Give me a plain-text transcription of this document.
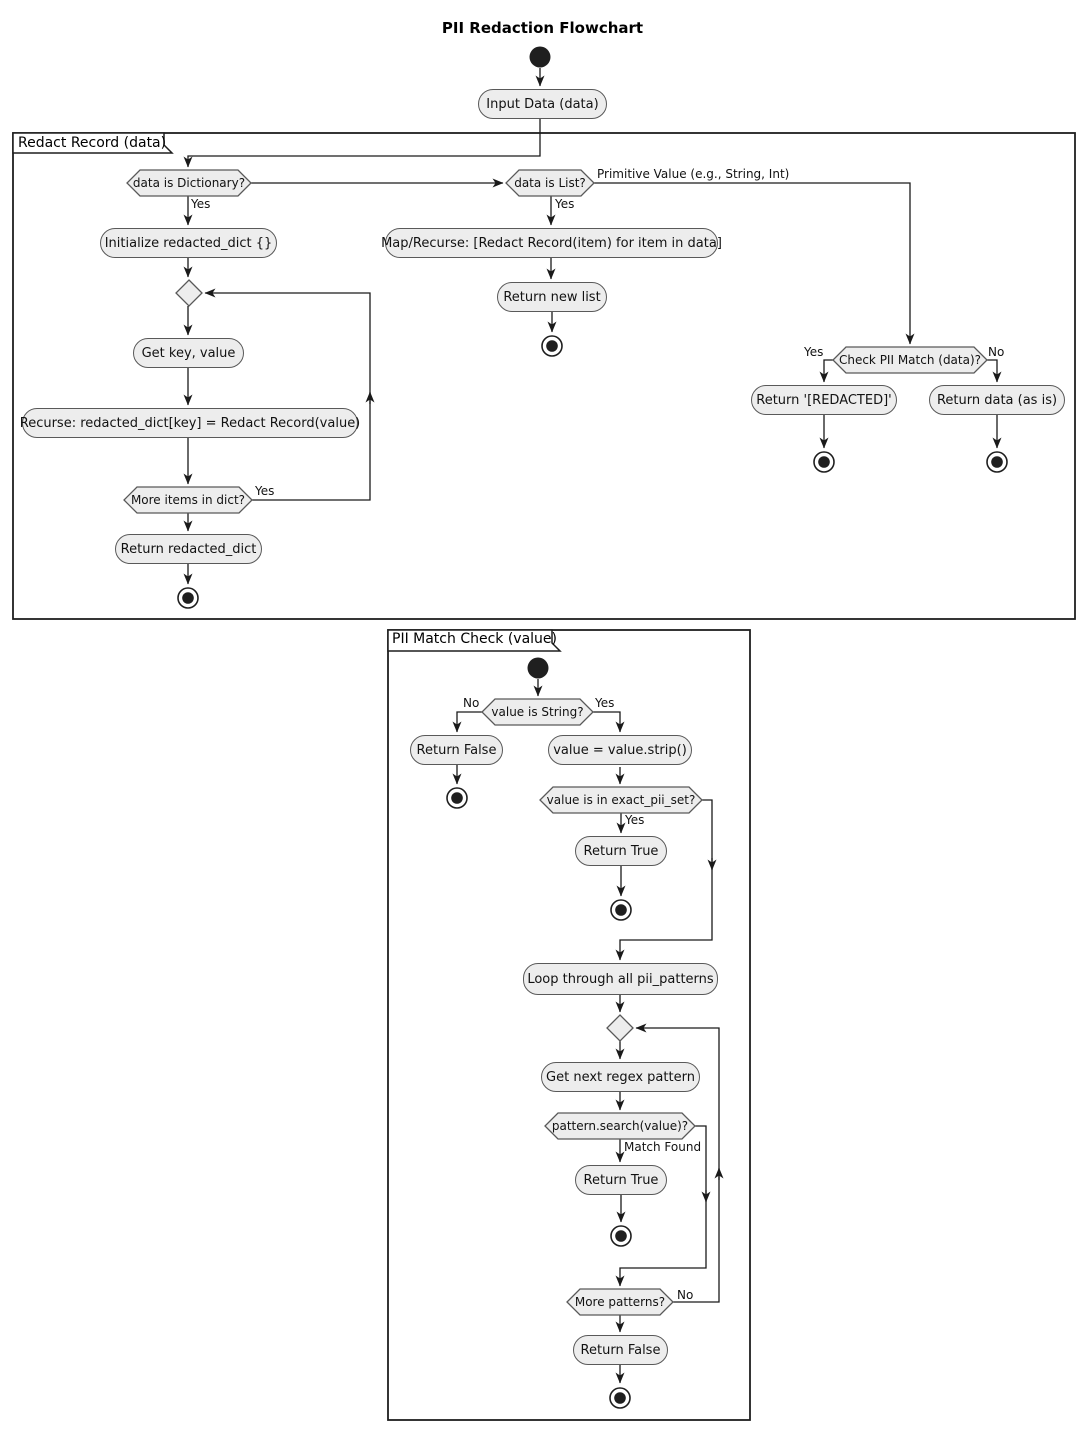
PII Redaction Flowchart
Redact Record (data)
PII Match Check (value)
Input Data (data)
Initialize redacted_dict {}
Get key, value
Recurse: redacted_dict[key] = Redact Record(value)
Return redacted_dict
Map/Recurse: [Redact Record(item) for item in data]
Return new list
Return '[REDACTED]'	Return data (as is)
Return False	value = value.strip()
Return True
Loop through all pii_patterns
Get next regex pattern
Return True
Return False
data is Dictionary?	data is List?
Check PII Match (data)?
More items in dict?
value is String?
value is in exact_pii_set?
pattern.search(value)?
More patterns?
Yes	Yes
Primitive Value (e.g., String, Int)
Yes
Yes	No
No	Yes
Yes
Match Found
No
